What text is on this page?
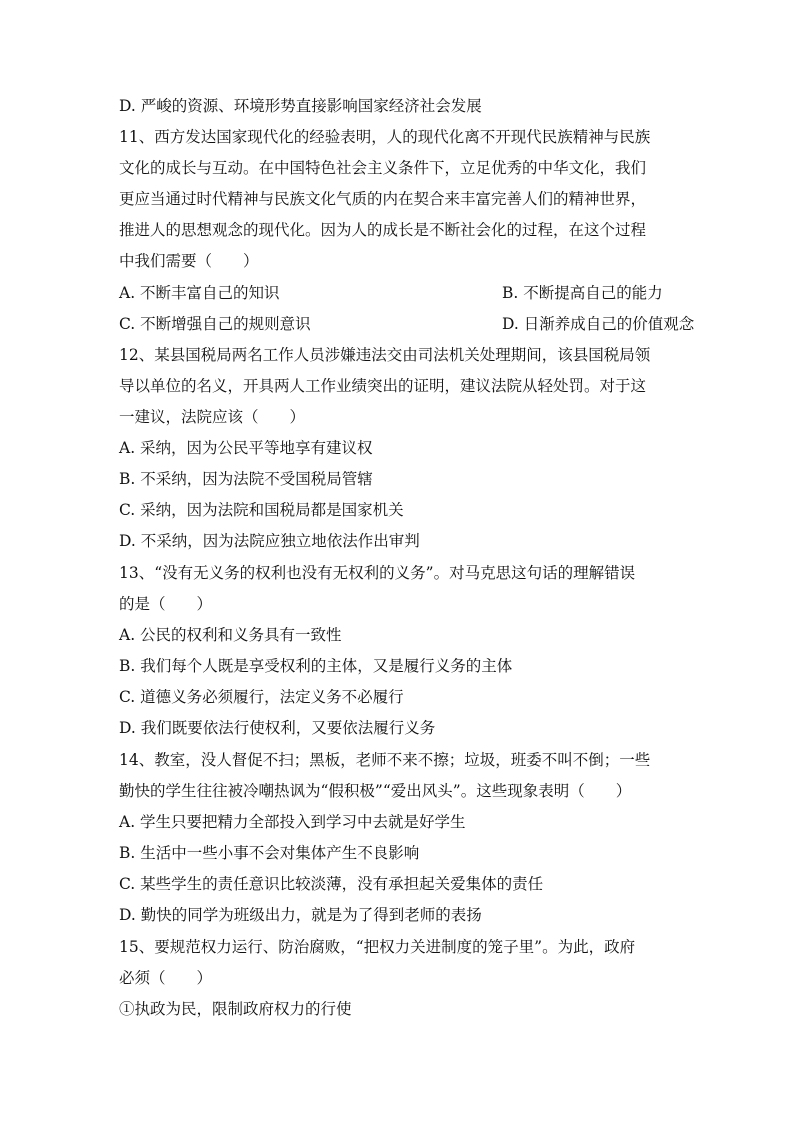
D. 严峻的资源、环境形势直接影响国家经济社会发展
11、西方发达国家现代化的经验表明，人的现代化离不开现代民族精神与民族
文化的成长与互动。在中国特色社会主义条件下，立足优秀的中华文化，我们
更应当通过时代精神与民族文化气质的内在契合来丰富完善人们的精神世界，
推进人的思想观念的现代化。因为人的成长是不断社会化的过程，在这个过程
中我们需要（　　）
A. 不断丰富自己的知识	B. 不断提高自己的能力
C. 不断增强自己的规则意识	D. 日渐养成自己的价值观念
12、某县国税局两名工作人员涉嫌违法交由司法机关处理期间，该县国税局领
导以单位的名义，开具两人工作业绩突出的证明，建议法院从轻处罚。对于这
一建议，法院应该（　　）
A. 采纳，因为公民平等地享有建议权
B. 不采纳，因为法院不受国税局管辖
C. 采纳，因为法院和国税局都是国家机关
D. 不采纳，因为法院应独立地依法作出审判
13、“没有无义务的权利也没有无权利的义务”。对马克思这句话的理解错误
的是（　　）
A. 公民的权利和义务具有一致性
B. 我们每个人既是享受权利的主体，又是履行义务的主体
C. 道德义务必须履行，法定义务不必履行
D. 我们既要依法行使权利，又要依法履行义务
14、教室，没人督促不扫；黑板，老师不来不擦；垃圾，班委不叫不倒；一些
勤快的学生往往被冷嘲热讽为“假积极”“爱出风头”。这些现象表明（　　）
A. 学生只要把精力全部投入到学习中去就是好学生
B. 生活中一些小事不会对集体产生不良影响
C. 某些学生的责任意识比较淡薄，没有承担起关爱集体的责任
D. 勤快的同学为班级出力，就是为了得到老师的表扬
15、要规范权力运行、防治腐败，“把权力关进制度的笼子里”。为此，政府
必须（　　）
①执政为民，限制政府权力的行使
